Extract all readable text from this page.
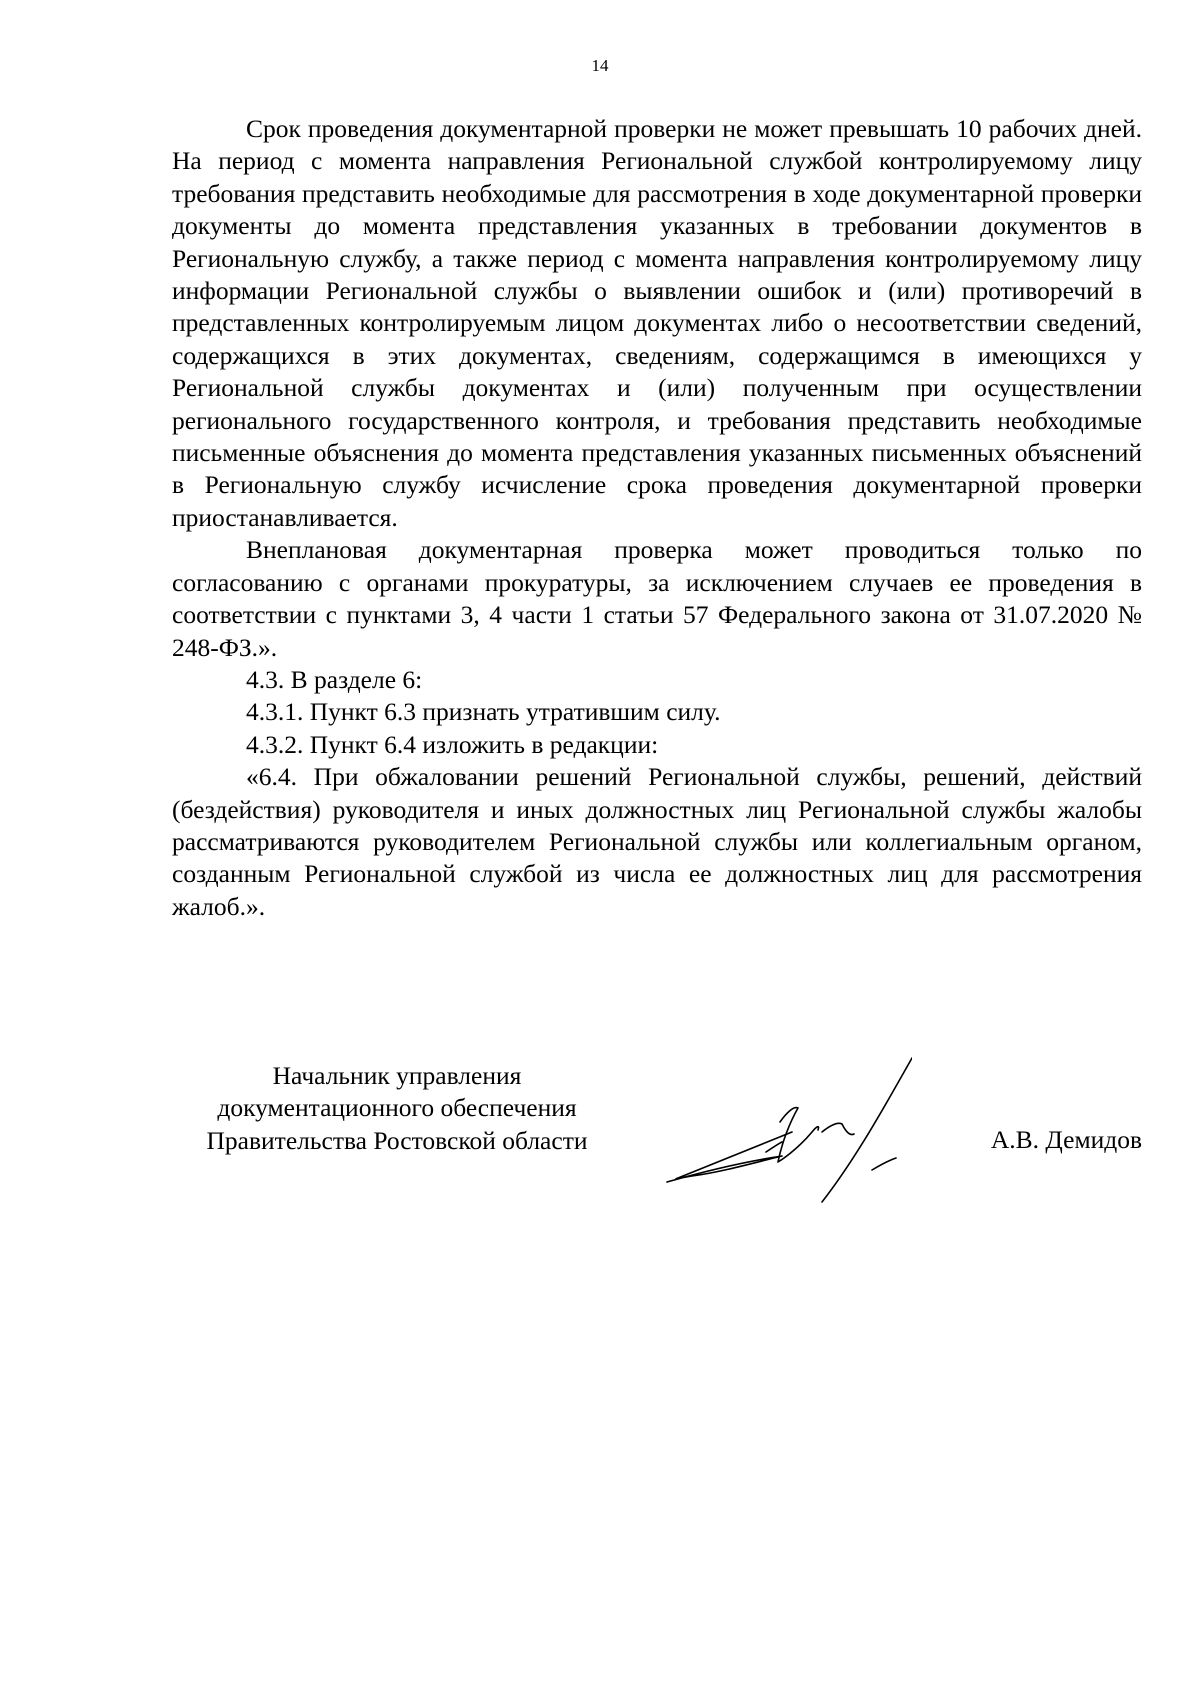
14

Срок проведения документарной проверки не может превышать 10 рабочих дней. На период с момента направления Региональной службой контролируемому лицу требования представить необходимые для рассмотрения в ходе документарной проверки документы до момента представления указанных в требовании документов в Региональную службу, а также период с момента направления контролируемому лицу информации Региональной службы о выявлении ошибок и (или) противоречий в представленных контролируемым лицом документах либо о несоответствии сведений, содержащихся в этих документах, сведениям, содержащимся в имеющихся у Региональной службы документах и (или) полученным при осуществлении регионального государственного контроля, и требования представить необходимые письменные объяснения до момента представления указанных письменных объяснений в Региональную службу исчисление срока проведения документарной проверки приостанавливается.

Внеплановая документарная проверка может проводиться только по согласованию с органами прокуратуры, за исключением случаев ее проведения в соответствии с пунктами 3, 4 части 1 статьи 57 Федерального закона от 31.07.2020 № 248-ФЗ.».

4.3. В разделе 6:

4.3.1. Пункт 6.3 признать утратившим силу.

4.3.2. Пункт 6.4 изложить в редакции:

«6.4. При обжаловании решений Региональной службы, решений, действий (бездействия) руководителя и иных должностных лиц Региональной службы жалобы рассматриваются руководителем Региональной службы или коллегиальным органом, созданным Региональной службой из числа ее должностных лиц для рассмотрения жалоб.».

Начальник управления
документационного обеспечения
Правительства Ростовской области	А.В. Демидов
